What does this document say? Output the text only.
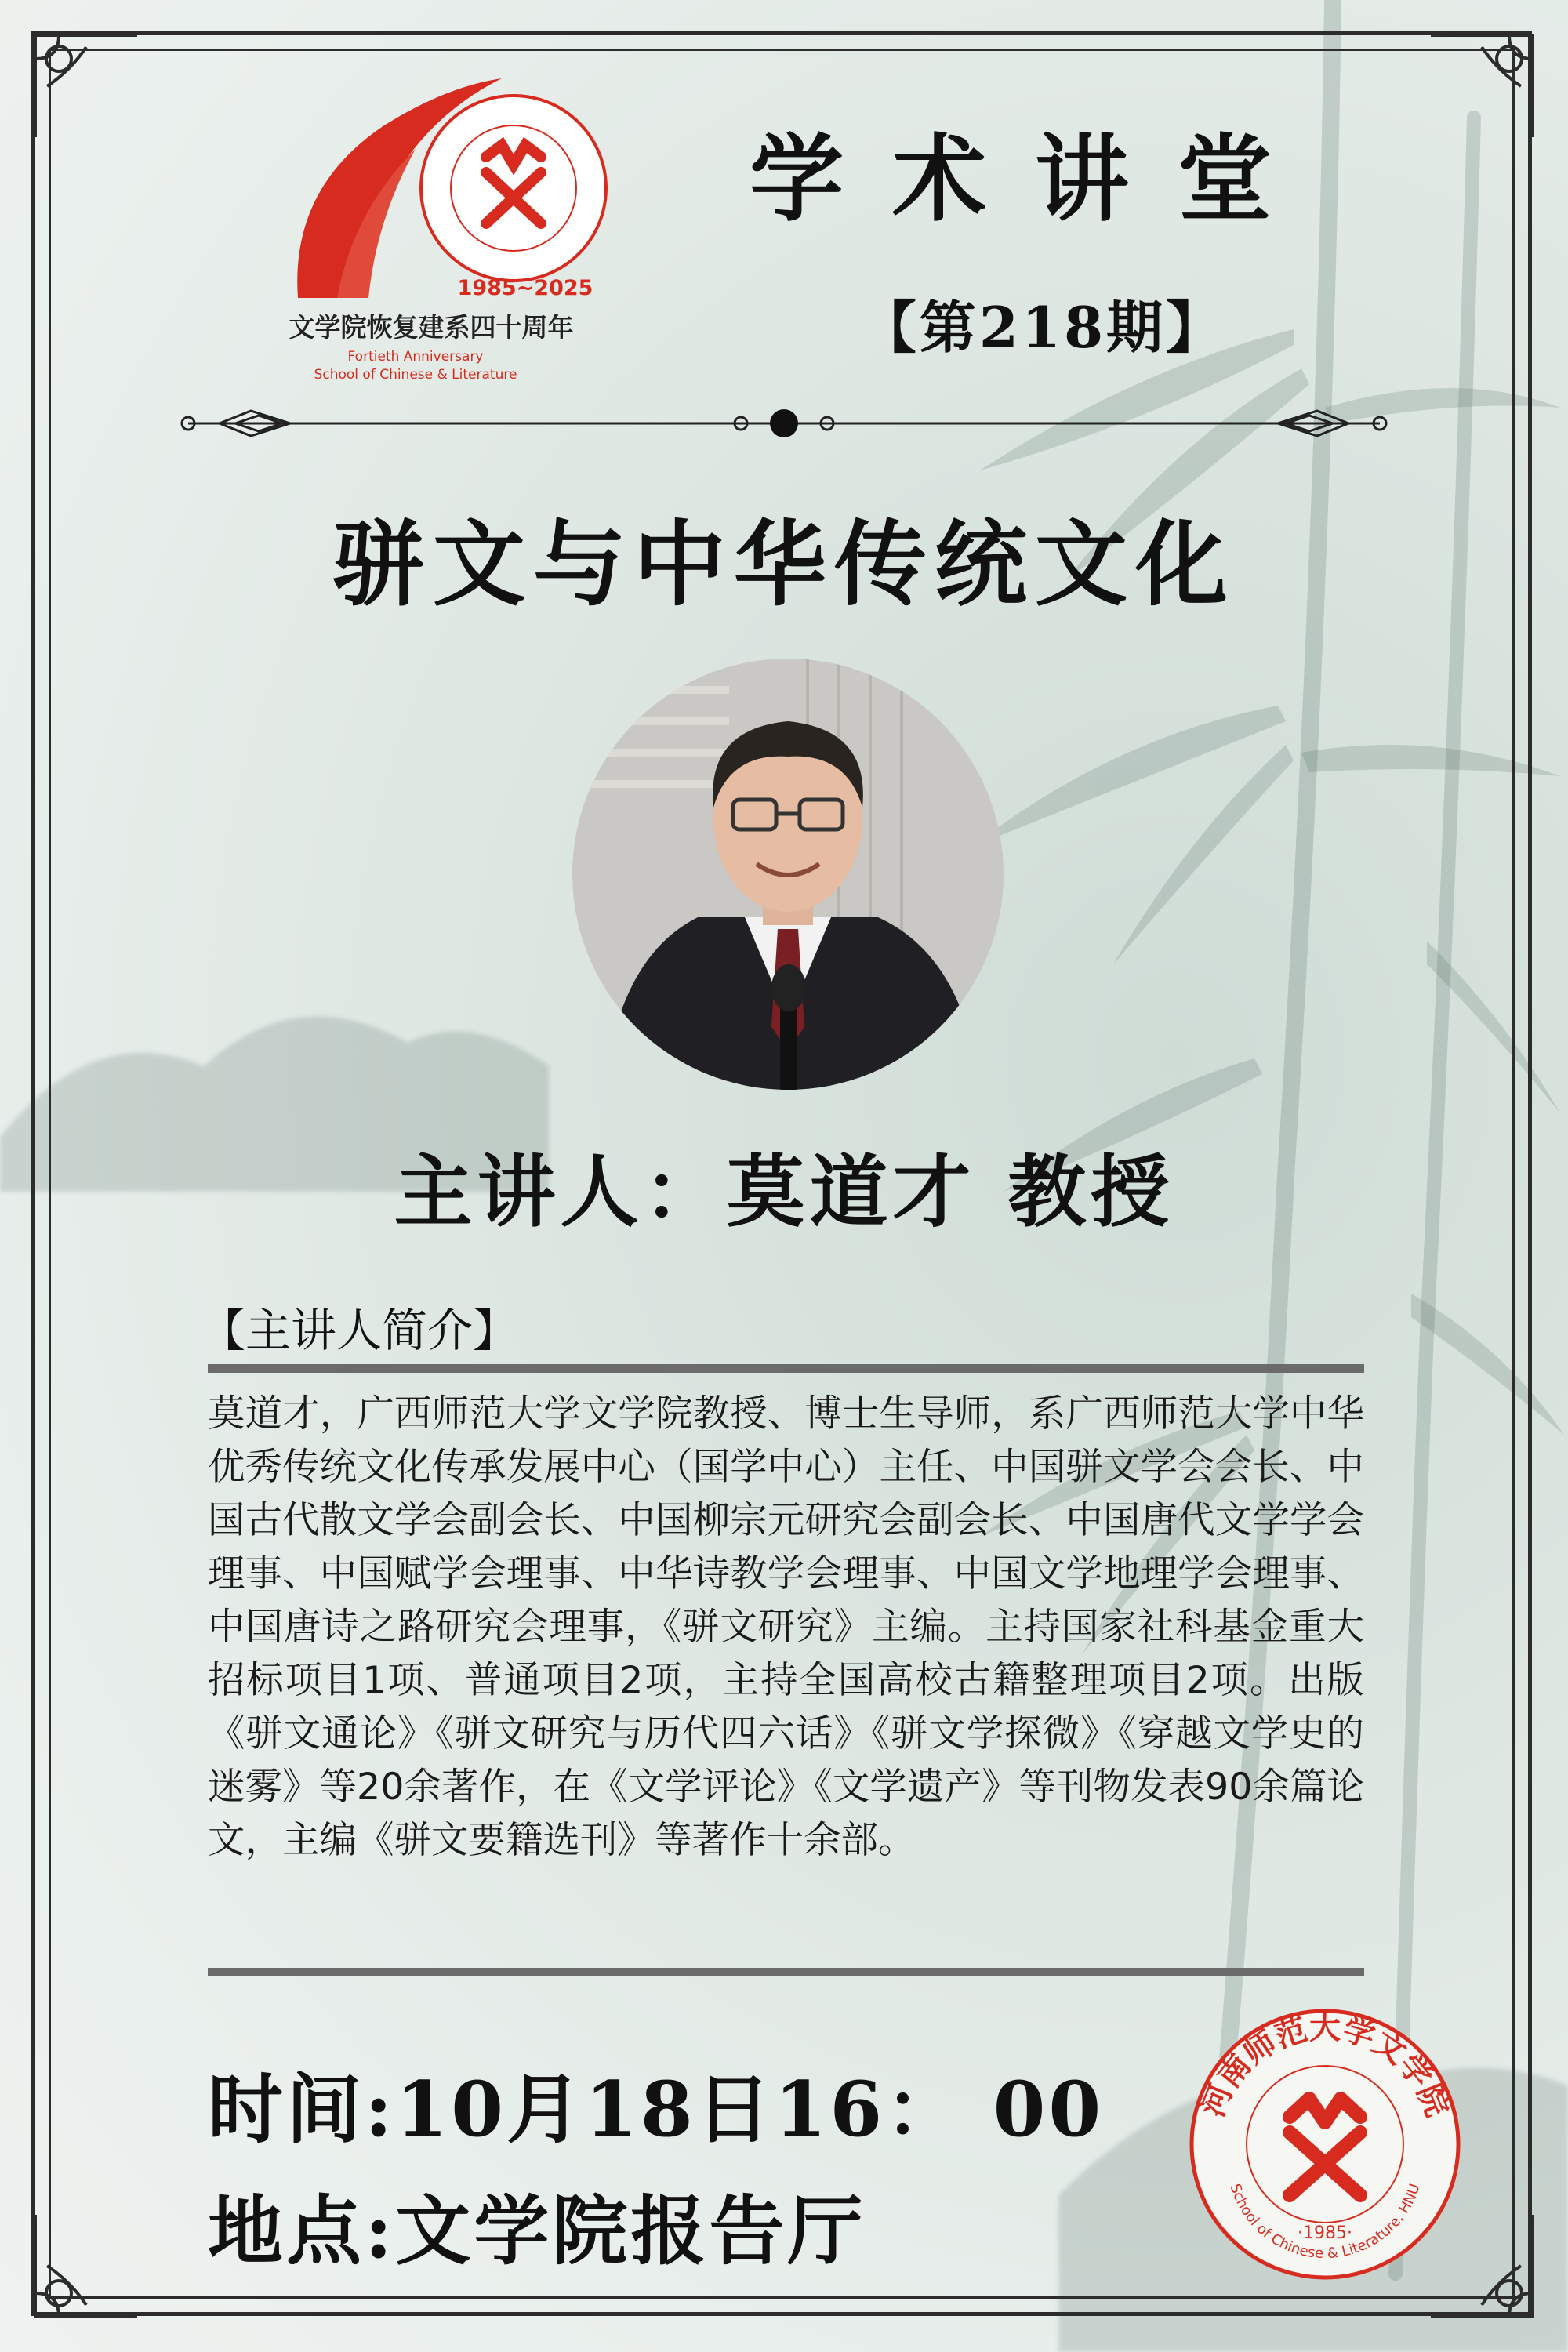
1985~2025
文学院恢复建系四十周年
Fortieth Anniversary
School of Chinese & Literature
学术讲堂
【第218期】
骈文与中华传统文化
主讲人：莫道才 教授
【主讲人简介】
莫道才，广西师范大学文学院教授、博士生导师，系广西师范大学中华优秀传统文化传承发展中心（国学中心）主任、中国骈文学会会长、中国古代散文学会副会长、中国柳宗元研究会副会长、中国唐代文学学会理事、中国赋学会理事、中华诗教学会理事、中国文学地理学会理事、中国唐诗之路研究会理事，《骈文研究》主编。主持国家社科基金重大招标项目1项、普通项目2项，主持全国高校古籍整理项目2项。出版《骈文通论》《骈文研究与历代四六话》《骈文学探微》《穿越文学史的迷雾》等20余著作，在《文学评论》《文学遗产》等刊物发表90余篇论文，主编《骈文要籍选刊》等著作十余部。
时间:10月18日16： 00
地点:文学院报告厅
河南师范大学文学院
School of Chinese & Literature, HNU
·1985·
